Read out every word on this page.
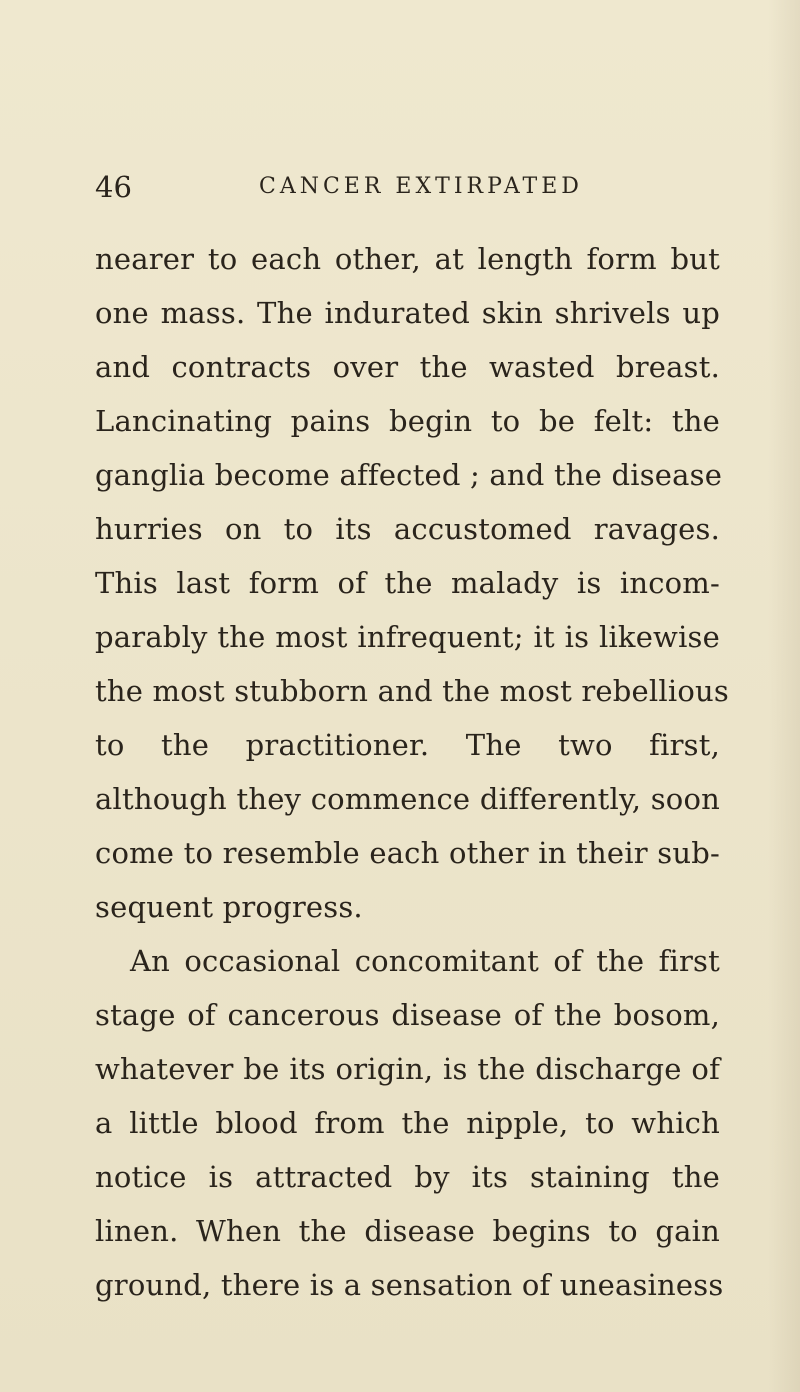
46	CANCER EXTIRPATED
nearer to each other, at length form but
one mass. The indurated skin shrivels up
and contracts over the wasted breast.
Lancinating pains begin to be felt: the
ganglia become affected ; and the disease
hurries on to its accustomed ravages.
This last form of the malady is incom-
parably the most infrequent; it is likewise
the most stubborn and the most rebellious
to the practitioner. The two first,
although they commence differently, soon
come to resemble each other in their sub-
sequent progress.
An occasional concomitant of the first
stage of cancerous disease of the bosom,
whatever be its origin, is the discharge of
a little blood from the nipple, to which
notice is attracted by its staining the
linen. When the disease begins to gain
ground, there is a sensation of uneasiness
